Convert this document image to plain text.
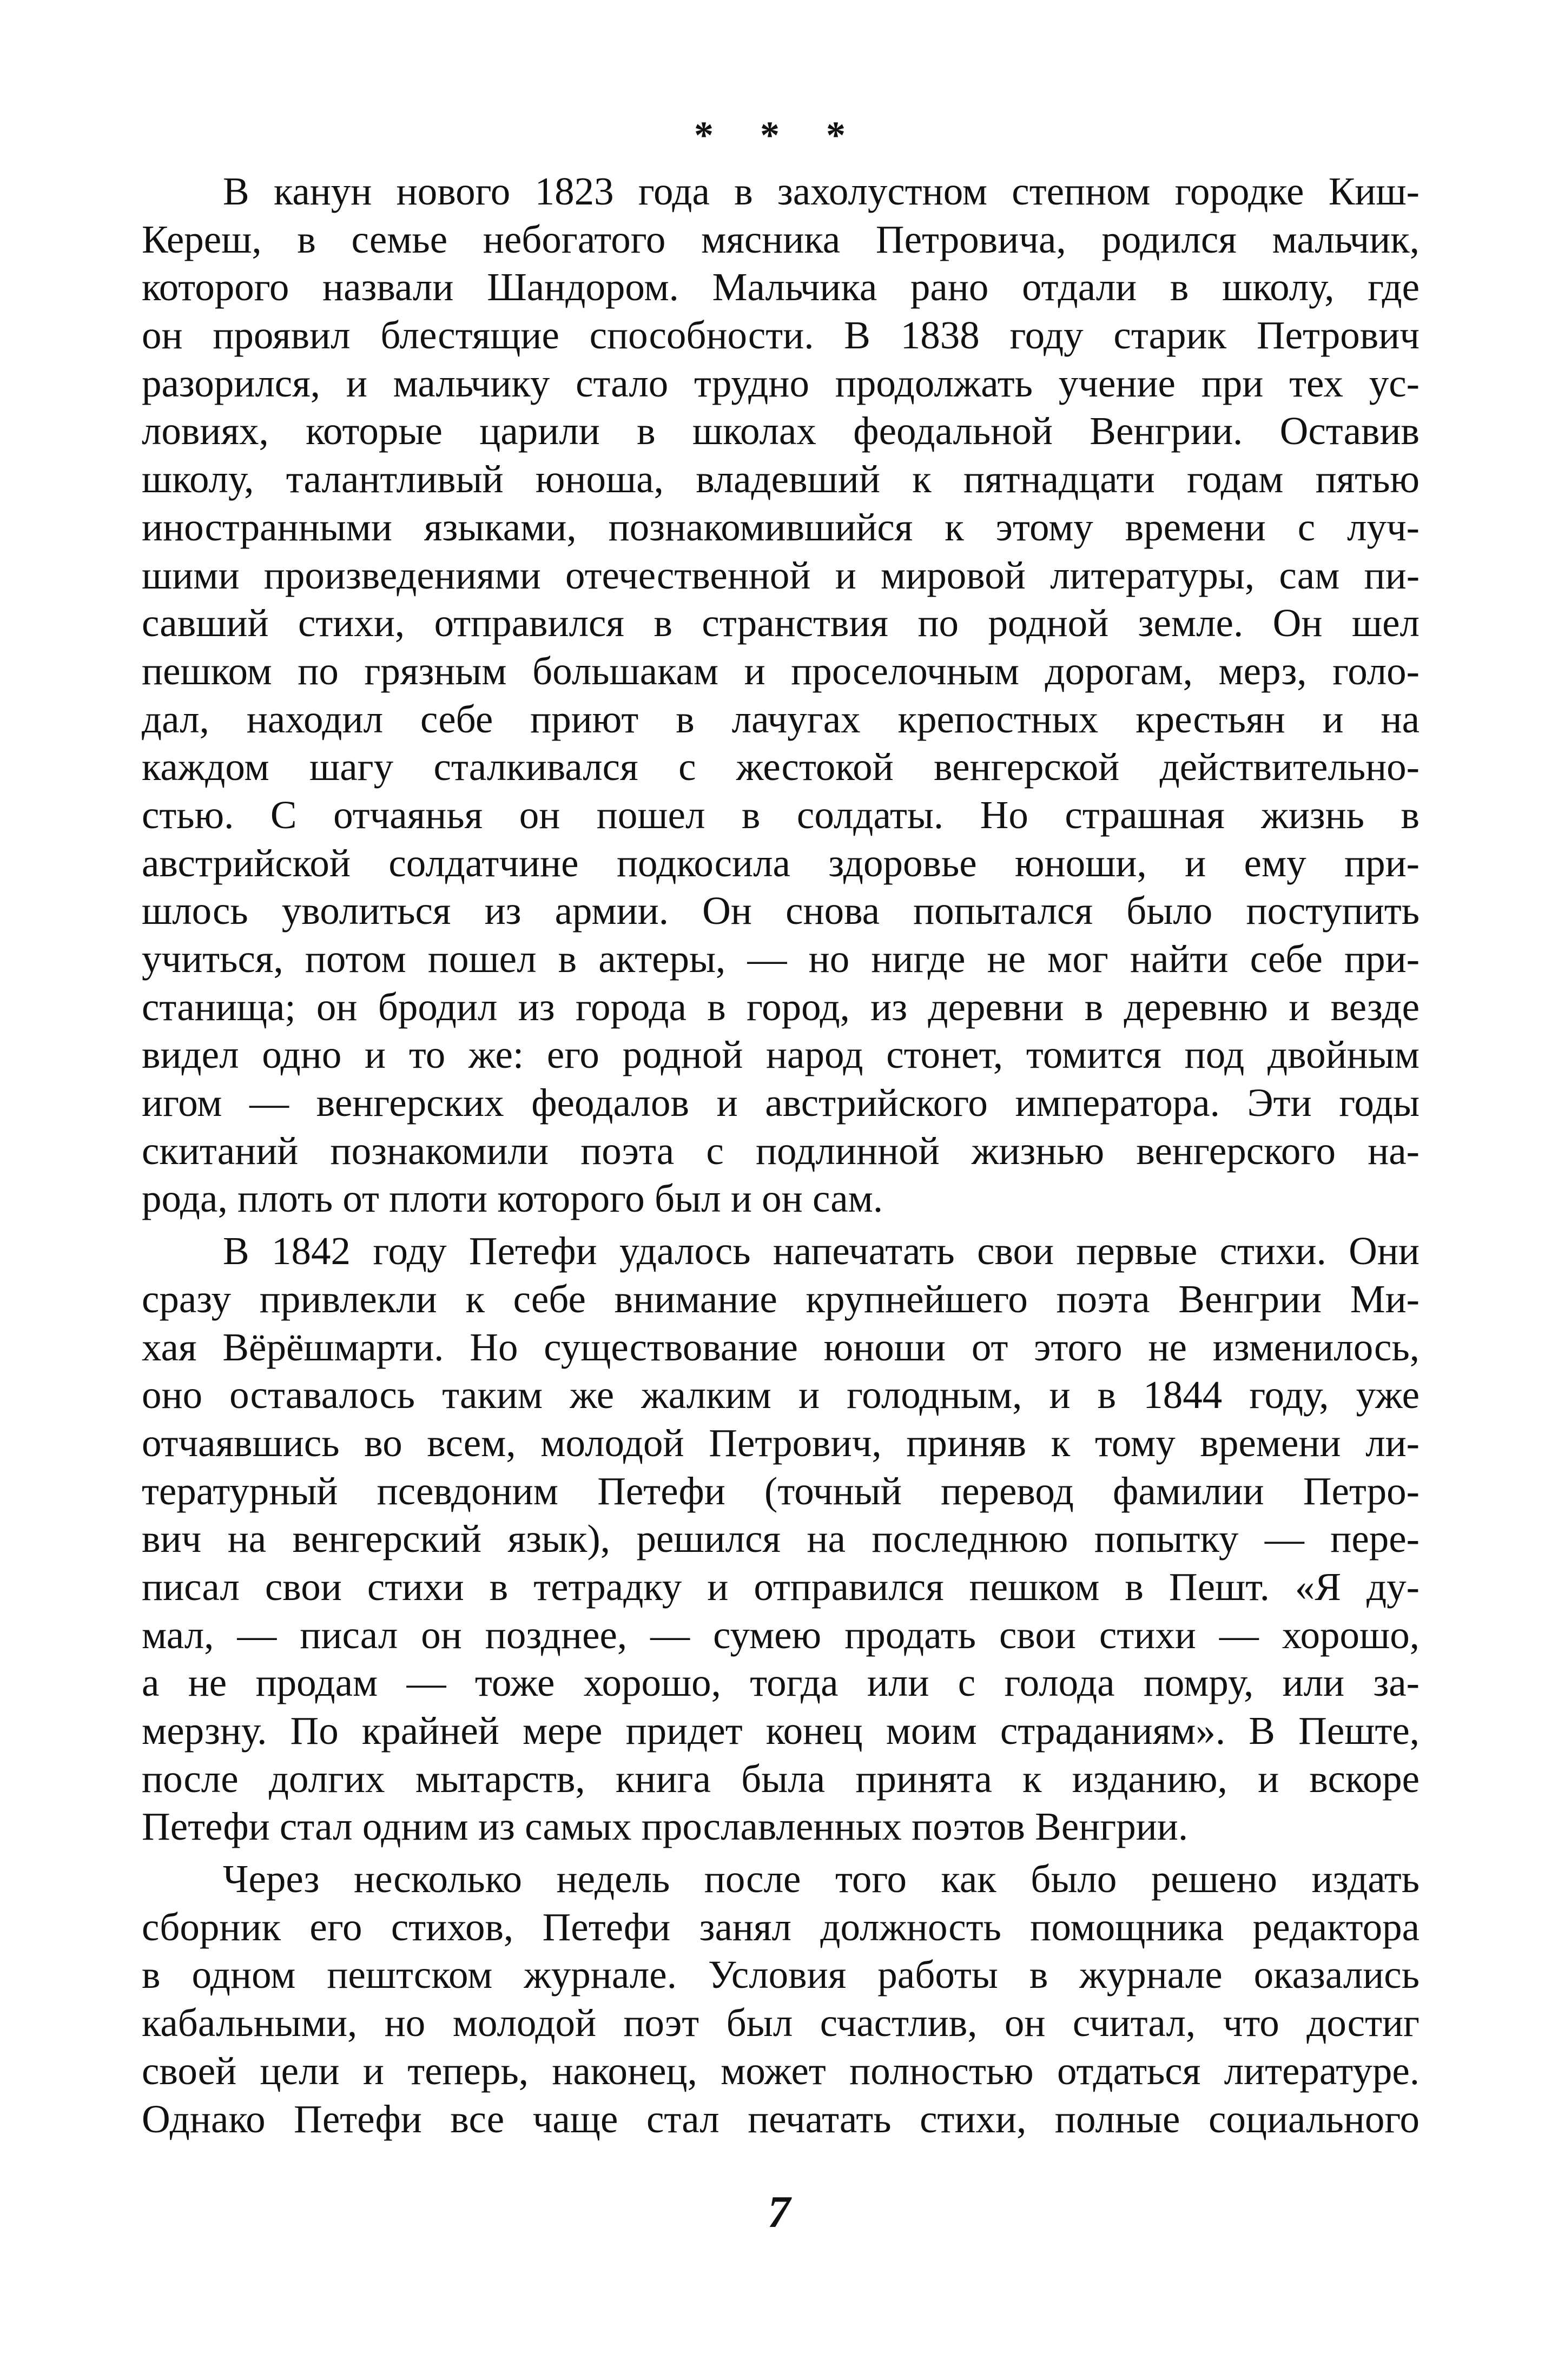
* * *
В канун нового 1823 года в захолустном степном городке Киш-
Кереш, в семье небогатого мясника Петровича, родился мальчик,
которого назвали Шандором. Мальчика рано отдали в школу, где
он проявил блестящие способности. В 1838 году старик Петрович
разорился, и мальчику стало трудно продолжать учение при тех ус-
ловиях, которые царили в школах феодальной Венгрии. Оставив
школу, талантливый юноша, владевший к пятнадцати годам пятью
иностранными языками, познакомившийся к этому времени с луч-
шими произведениями отечественной и мировой литературы, сам пи-
савший стихи, отправился в странствия по родной земле. Он шел
пешком по грязным большакам и проселочным дорогам, мерз, голо-
дал, находил себе приют в лачугах крепостных крестьян и на
каждом шагу сталкивался с жестокой венгерской действительно-
стью. С отчаянья он пошел в солдаты. Но страшная жизнь в
австрийской солдатчине подкосила здоровье юноши, и ему при-
шлось уволиться из армии. Он снова попытался было поступить
учиться, потом пошел в актеры, — но нигде не мог найти себе при-
станища; он бродил из города в город, из деревни в деревню и везде
видел одно и то же: его родной народ стонет, томится под двойным
игом — венгерских феодалов и австрийского императора. Эти годы
скитаний познакомили поэта с подлинной жизнью венгерского на-
рода, плоть от плоти которого был и он сам.
В 1842 году Петефи удалось напечатать свои первые стихи. Они
сразу привлекли к себе внимание крупнейшего поэта Венгрии Ми-
хая Вёрёшмарти. Но существование юноши от этого не изменилось,
оно оставалось таким же жалким и голодным, и в 1844 году, уже
отчаявшись во всем, молодой Петрович, приняв к тому времени ли-
тературный псевдоним Петефи (точный перевод фамилии Петро-
вич на венгерский язык), решился на последнюю попытку — пере-
писал свои стихи в тетрадку и отправился пешком в Пешт. «Я ду-
мал, — писал он позднее, — сумею продать свои стихи — хорошо,
а не продам — тоже хорошо, тогда или с голода помру, или за-
мерзну. По крайней мере придет конец моим страданиям». В Пеште,
после долгих мытарств, книга была принята к изданию, и вскоре
Петефи стал одним из самых прославленных поэтов Венгрии.
Через несколько недель после того как было решено издать
сборник его стихов, Петефи занял должность помощника редактора
в одном пештском журнале. Условия работы в журнале оказались
кабальными, но молодой поэт был счастлив, он считал, что достиг
своей цели и теперь, наконец, может полностью отдаться литературе.
Однако Петефи все чаще стал печатать стихи, полные социального
7
